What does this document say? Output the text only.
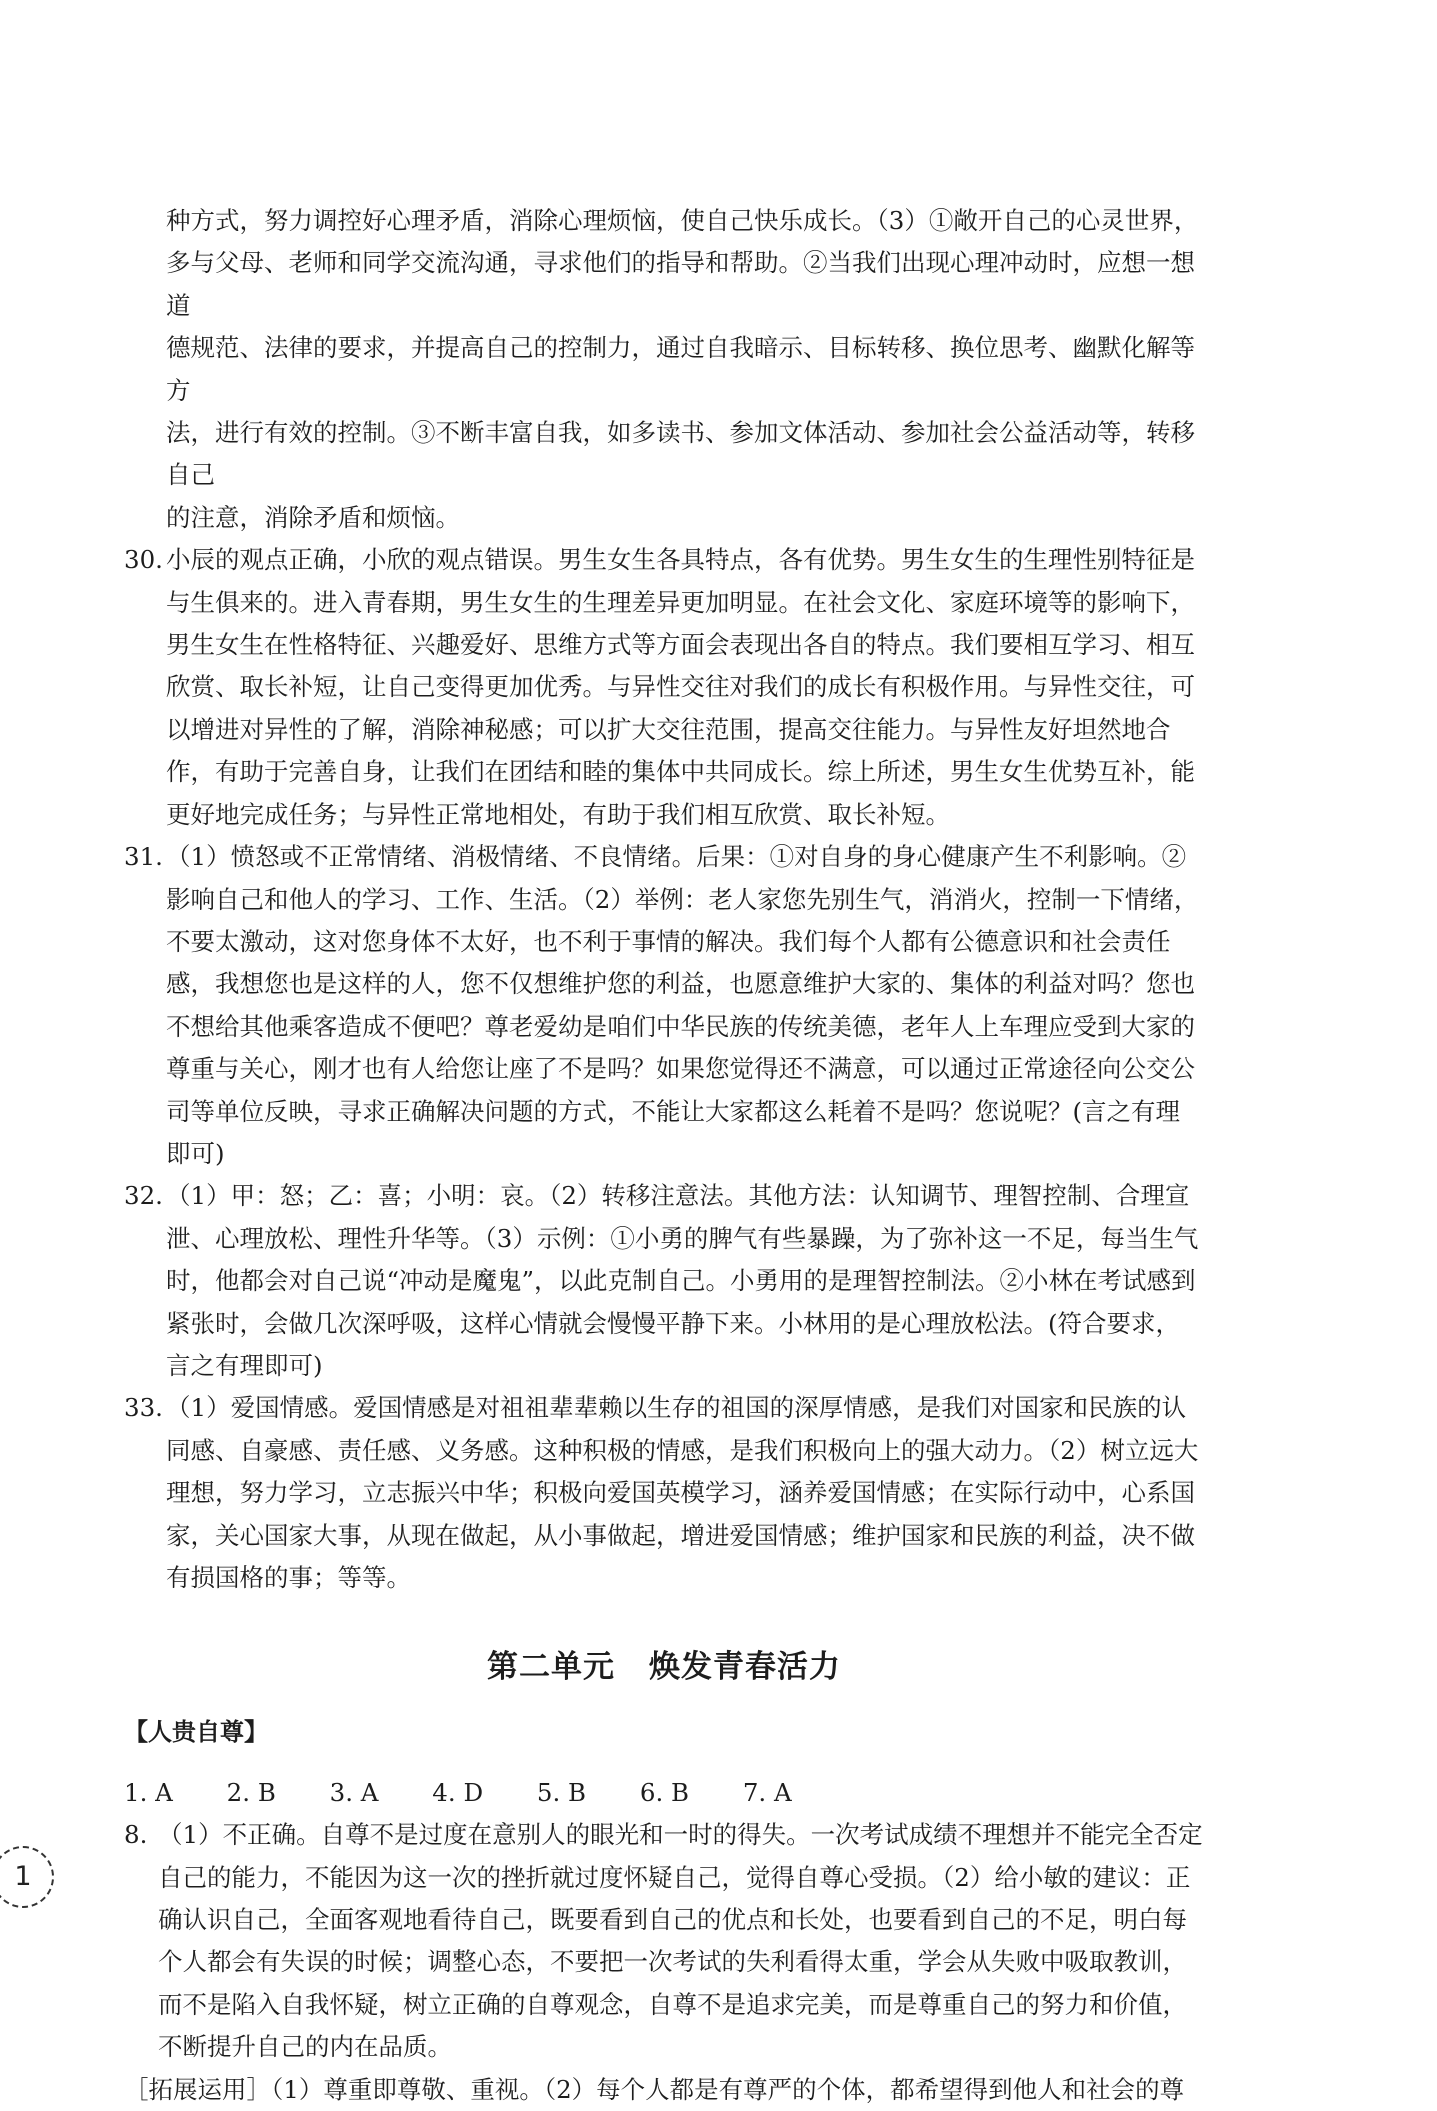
种方式，努力调控好心理矛盾，消除心理烦恼，使自己快乐成长。（3）①敞开自己的心灵世界，
多与父母、老师和同学交流沟通，寻求他们的指导和帮助。②当我们出现心理冲动时，应想一想道
德规范、法律的要求，并提高自己的控制力，通过自我暗示、目标转移、换位思考、幽默化解等方
法，进行有效的控制。③不断丰富自我，如多读书、参加文体活动、参加社会公益活动等，转移自己
的注意，消除矛盾和烦恼。
30. 小辰的观点正确，小欣的观点错误。男生女生各具特点，各有优势。男生女生的生理性别特征是与生俱来的。进入青春期，男生女生的生理差异更加明显。在社会文化、家庭环境等的影响下，男生女生在性格特征、兴趣爱好、思维方式等方面会表现出各自的特点。我们要相互学习、相互欣赏、取长补短，让自己变得更加优秀。与异性交往对我们的成长有积极作用。与异性交往，可以增进对异性的了解，消除神秘感；可以扩大交往范围，提高交往能力。与异性友好坦然地合作，有助于完善自身，让我们在团结和睦的集体中共同成长。综上所述，男生女生优势互补，能更好地完成任务；与异性正常地相处，有助于我们相互欣赏、取长补短。
31. （1）愤怒或不正常情绪、消极情绪、不良情绪。后果：①对自身的身心健康产生不利影响。②影响自己和他人的学习、工作、生活。（2）举例：老人家您先别生气，消消火，控制一下情绪，不要太激动，这对您身体不太好，也不利于事情的解决。我们每个人都有公德意识和社会责任感，我想您也是这样的人，您不仅想维护您的利益，也愿意维护大家的、集体的利益对吗？您也不想给其他乘客造成不便吧？尊老爱幼是咱们中华民族的传统美德，老年人上车理应受到大家的尊重与关心，刚才也有人给您让座了不是吗？如果您觉得还不满意，可以通过正常途径向公交公司等单位反映，寻求正确解决问题的方式，不能让大家都这么耗着不是吗？您说呢？(言之有理即可)
32. （1）甲：怒；乙：喜；小明：哀。（2）转移注意法。其他方法：认知调节、理智控制、合理宣泄、心理放松、理性升华等。（3）示例：①小勇的脾气有些暴躁，为了弥补这一不足，每当生气时，他都会对自己说“冲动是魔鬼”，以此克制自己。小勇用的是理智控制法。②小林在考试感到紧张时，会做几次深呼吸，这样心情就会慢慢平静下来。小林用的是心理放松法。(符合要求，言之有理即可)
33. （1）爱国情感。爱国情感是对祖祖辈辈赖以生存的祖国的深厚情感，是我们对国家和民族的认同感、自豪感、责任感、义务感。这种积极的情感，是我们积极向上的强大动力。（2）树立远大理想，努力学习，立志振兴中华；积极向爱国英模学习，涵养爱国情感；在实际行动中，心系国家，关心国家大事，从现在做起，从小事做起，增进爱国情感；维护国家和民族的利益，决不做有损国格的事；等等。
第二单元 焕发青春活力
【人贵自尊】
1. A 2. B 3. A 4. D 5. B 6. B 7. A
8. （1）不正确。自尊不是过度在意别人的眼光和一时的得失。一次考试成绩不理想并不能完全否定自己的能力，不能因为这一次的挫折就过度怀疑自己，觉得自尊心受损。（2）给小敏的建议：正确认识自己，全面客观地看待自己，既要看到自己的优点和长处，也要看到自己的不足，明白每个人都会有失误的时候；调整心态，不要把一次考试的失利看得太重，学会从失败中吸取教训，而不是陷入自我怀疑，树立正确的自尊观念，自尊不是追求完美，而是尊重自己的努力和价值，不断提升自己的内在品质。
［拓展运用］（1）尊重即尊敬、重视。（2）每个人都是有尊严的个体，都希望得到他人和社会的尊
1
